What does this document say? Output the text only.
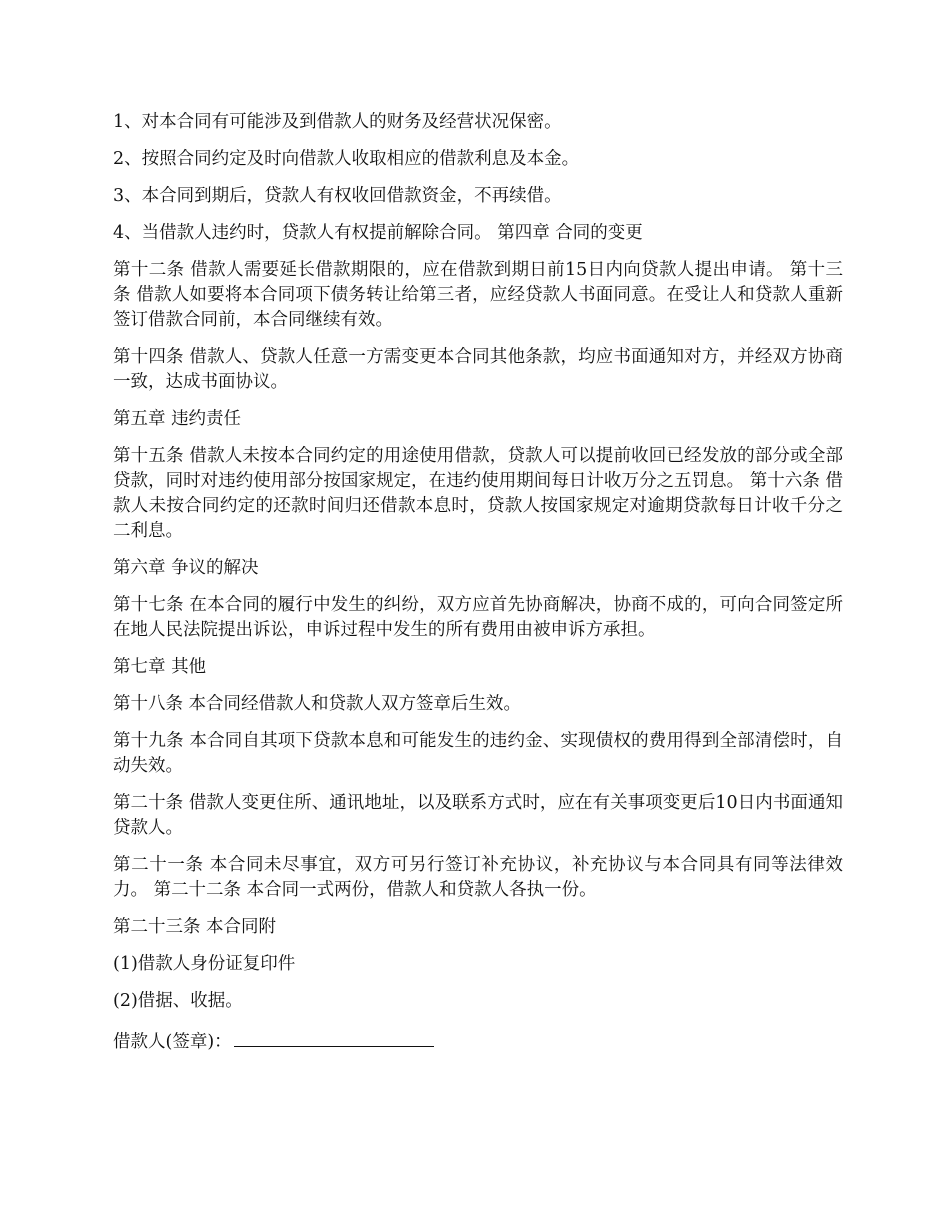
1、对本合同有可能涉及到借款人的财务及经营状况保密。

2、按照合同约定及时向借款人收取相应的借款利息及本金。

3、本合同到期后，贷款人有权收回借款资金，不再续借。

4、当借款人违约时，贷款人有权提前解除合同。 第四章 合同的变更

第十二条 借款人需要延长借款期限的，应在借款到期日前15日内向贷款人提出申请。 第十三条 借款人如要将本合同项下债务转让给第三者，应经贷款人书面同意。在受让人和贷款人重新签订借款合同前，本合同继续有效。

第十四条 借款人、贷款人任意一方需变更本合同其他条款，均应书面通知对方，并经双方协商一致，达成书面协议。

第五章 违约责任

第十五条 借款人未按本合同约定的用途使用借款，贷款人可以提前收回已经发放的部分或全部贷款，同时对违约使用部分按国家规定，在违约使用期间每日计收万分之五罚息。 第十六条 借款人未按合同约定的还款时间归还借款本息时，贷款人按国家规定对逾期贷款每日计收千分之二利息。

第六章 争议的解决

第十七条 在本合同的履行中发生的纠纷，双方应首先协商解决，协商不成的，可向合同签定所在地人民法院提出诉讼，申诉过程中发生的所有费用由被申诉方承担。

第七章 其他

第十八条 本合同经借款人和贷款人双方签章后生效。

第十九条 本合同自其项下贷款本息和可能发生的违约金、实现债权的费用得到全部清偿时，自动失效。

第二十条 借款人变更住所、通讯地址，以及联系方式时，应在有关事项变更后10日内书面通知贷款人。

第二十一条 本合同未尽事宜，双方可另行签订补充协议，补充协议与本合同具有同等法律效力。 第二十二条 本合同一式两份，借款人和贷款人各执一份。

第二十三条 本合同附

(1)借款人身份证复印件

(2)借据、收据。

借款人(签章)：
